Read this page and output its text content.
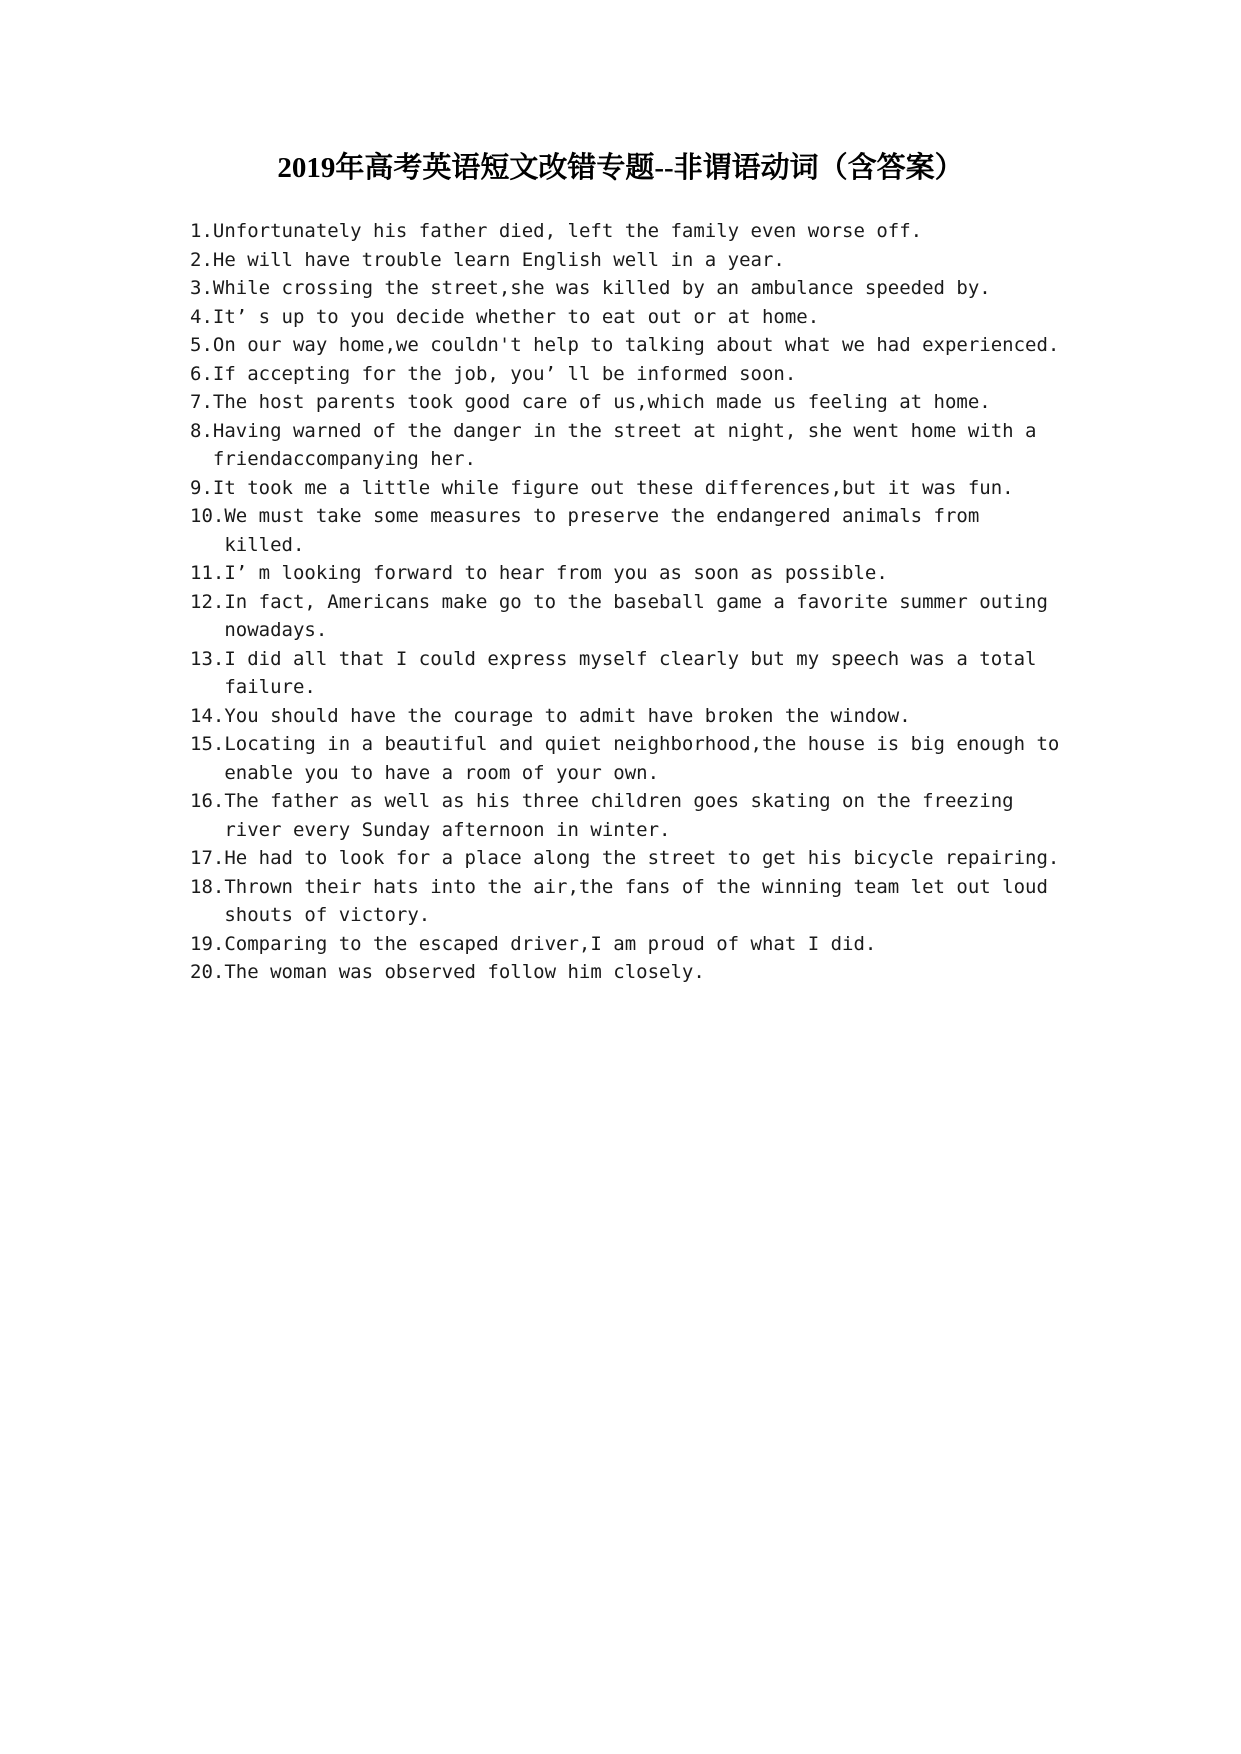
2019年高考英语短文改错专题--非谓语动词（含答案）
1. Unfortunately his father died, left the family even worse off.
2. He will have trouble learn English well in a year.
3. While crossing the street,she was killed by an ambulance speeded by.
4. It’ s up to you decide whether to eat out or at home.
5. On our way home,we couldn't help to talking about what we had experienced.
6. If accepting for the job, you’ ll be informed soon.
7. The host parents took good care of us,which made us feeling at home.
8. Having warned of the danger in the street at night, she went home with a friendaccompanying her.
9. It took me a little while figure out these differences,but it was fun.
10. We must take some measures to preserve the endangered animals from killed.
11. I’ m looking forward to hear from you as soon as possible.
12. In fact, Americans make go to the baseball game a favorite summer outing nowadays.
13. I did all that I could express myself clearly but my speech was a total failure.
14. You should have the courage to admit have broken the window.
15. Locating in a beautiful and quiet neighborhood,the house is big enough to enable you to have a room of your own.
16. The father as well as his three children goes skating on the freezing river every Sunday afternoon in winter.
17. He had to look for a place along the street to get his bicycle repairing.
18. Thrown their hats into the air,the fans of the winning team let out loud shouts of victory.
19. Comparing to the escaped driver,I am proud of what I did.
20. The woman was observed follow him closely.
